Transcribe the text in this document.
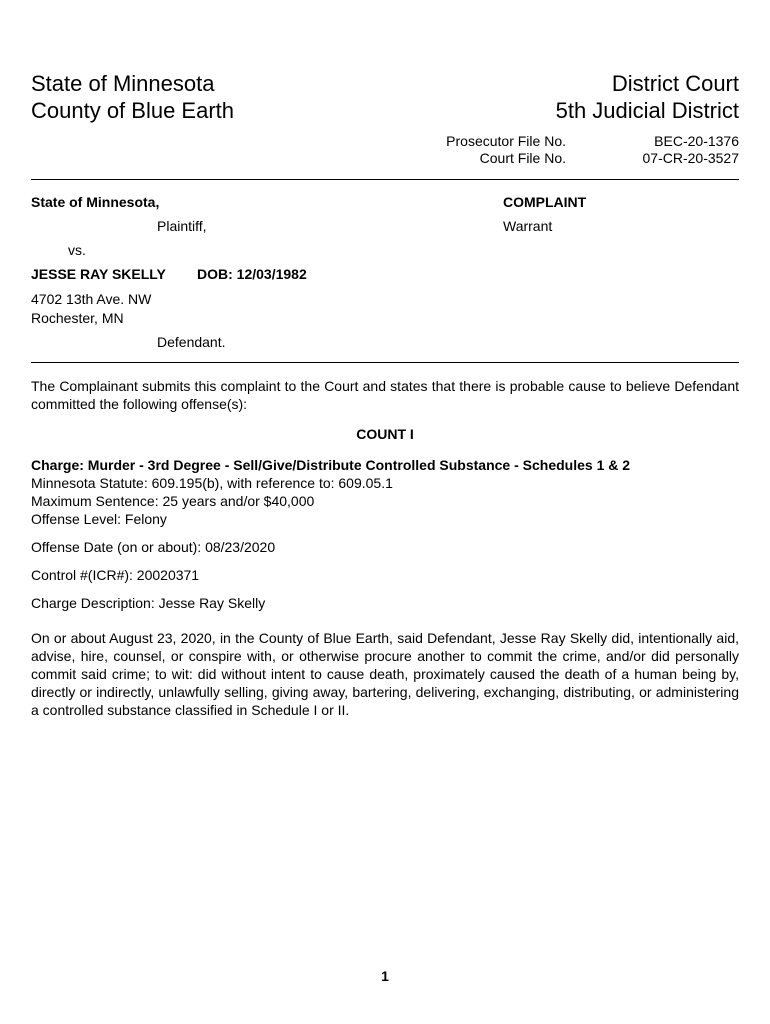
State of Minnesota
County of Blue Earth
District Court
5th Judicial District
Prosecutor File No.	BEC-20-1376
Court File No.	07-CR-20-3527
State of Minnesota,
Plaintiff,
vs.
JESSE RAY SKELLY DOB: 12/03/1982
4702 13th Ave. NW
Rochester, MN
Defendant.
COMPLAINT
Warrant
The Complainant submits this complaint to the Court and states that there is probable cause to believe Defendant committed the following offense(s):
COUNT I
Charge: Murder - 3rd Degree - Sell/Give/Distribute Controlled Substance - Schedules 1 & 2
Minnesota Statute: 609.195(b), with reference to: 609.05.1
Maximum Sentence: 25 years and/or $40,000
Offense Level: Felony
Offense Date (on or about): 08/23/2020
Control #(ICR#): 20020371
Charge Description: Jesse Ray Skelly
On or about August 23, 2020, in the County of Blue Earth, said Defendant, Jesse Ray Skelly did, intentionally aid, advise, hire, counsel, or conspire with, or otherwise procure another to commit the crime, and/or did personally commit said crime; to wit: did without intent to cause death, proximately caused the death of a human being by, directly or indirectly, unlawfully selling, giving away, bartering, delivering, exchanging, distributing, or administering a controlled substance classified in Schedule I or II.
1
